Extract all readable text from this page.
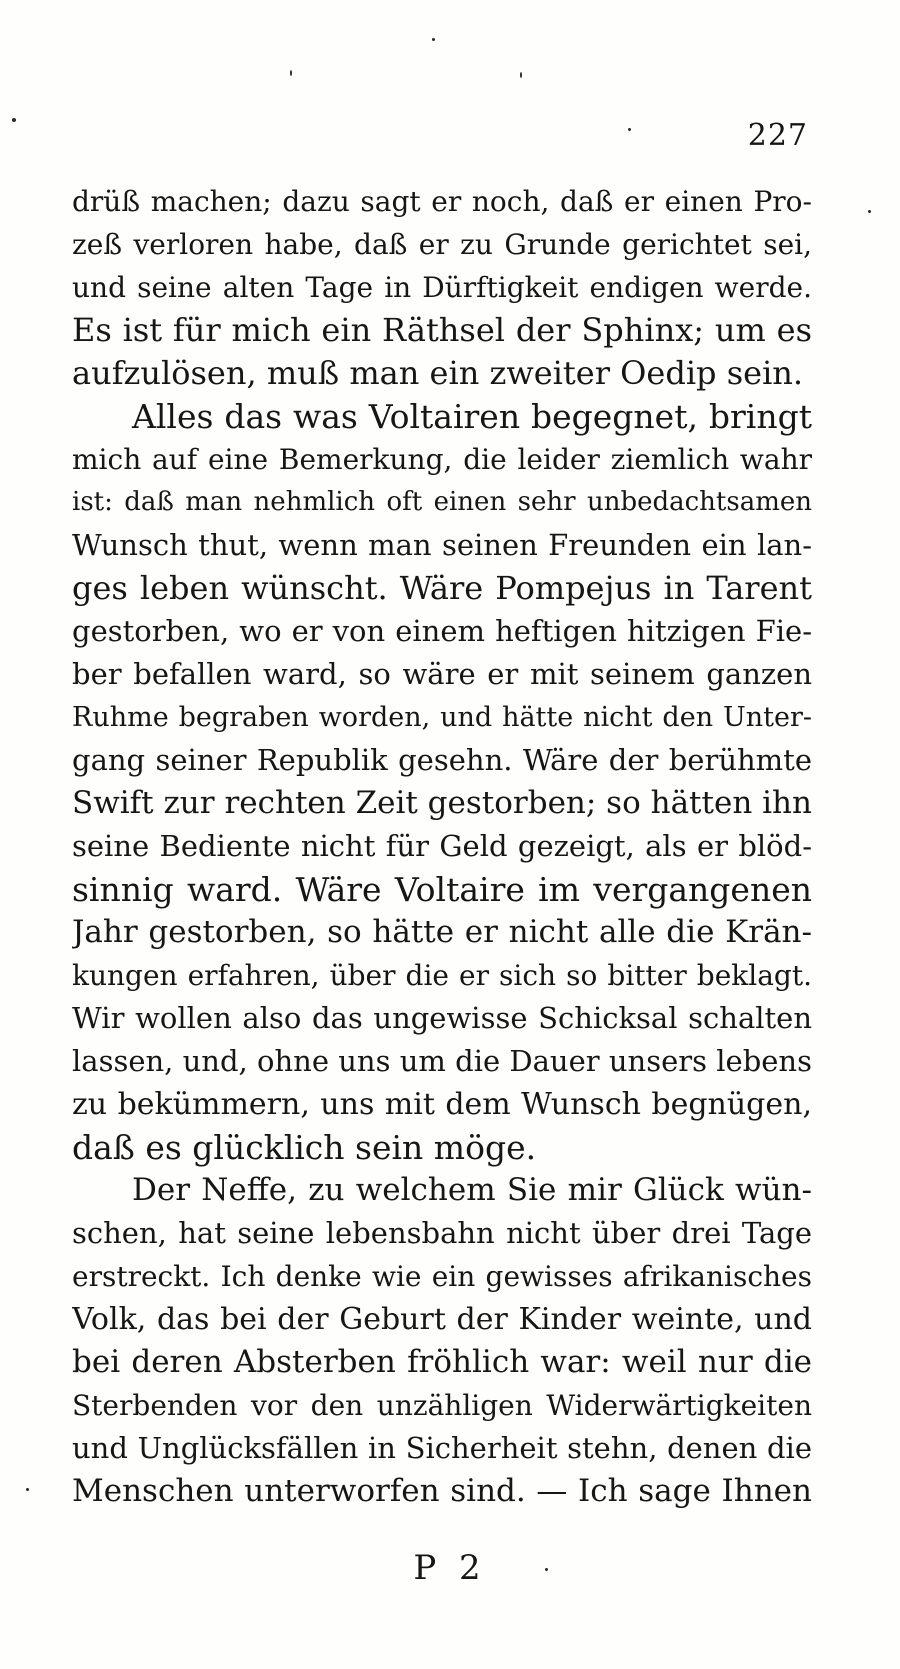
227
drüß machen; dazu sagt er noch, daß er einen Pro-
zeß verloren habe, daß er zu Grunde gerichtet sei,
und seine alten Tage in Dürftigkeit endigen werde.
Es ist für mich ein Räthsel der Sphinx; um es
aufzulösen, muß man ein zweiter Oedip sein.
Alles das was Voltairen begegnet, bringt
mich auf eine Bemerkung, die leider ziemlich wahr
ist: daß man nehmlich oft einen sehr unbedachtsamen
Wunsch thut, wenn man seinen Freunden ein lan-
ges leben wünscht. Wäre Pompejus in Tarent
gestorben, wo er von einem heftigen hitzigen Fie-
ber befallen ward, so wäre er mit seinem ganzen
Ruhme begraben worden, und hätte nicht den Unter-
gang seiner Republik gesehn. Wäre der berühmte
Swift zur rechten Zeit gestorben; so hätten ihn
seine Bediente nicht für Geld gezeigt, als er blöd-
sinnig ward. Wäre Voltaire im vergangenen
Jahr gestorben, so hätte er nicht alle die Krän-
kungen erfahren, über die er sich so bitter beklagt.
Wir wollen also das ungewisse Schicksal schalten
lassen, und, ohne uns um die Dauer unsers lebens
zu bekümmern, uns mit dem Wunsch begnügen,
daß es glücklich sein möge.
Der Neffe, zu welchem Sie mir Glück wün-
schen, hat seine lebensbahn nicht über drei Tage
erstreckt. Ich denke wie ein gewisses afrikanisches
Volk, das bei der Geburt der Kinder weinte, und
bei deren Absterben fröhlich war: weil nur die
Sterbenden vor den unzähligen Widerwärtigkeiten
und Unglücksfällen in Sicherheit stehn, denen die
Menschen unterworfen sind. — Ich sage Ihnen
P 2
